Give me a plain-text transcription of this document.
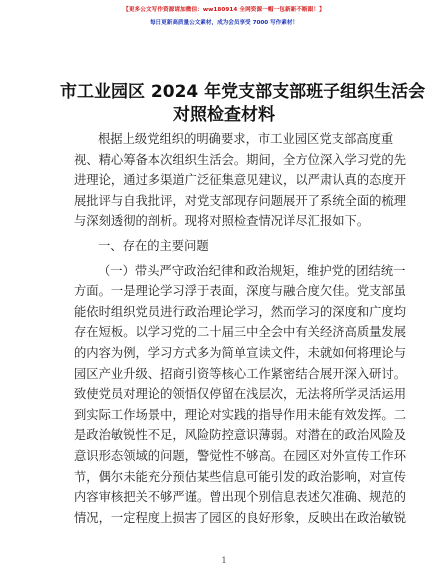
【更多公文写作资源请加微信：ww180914 全网资源一帽一包新新不断跟！】
每日更新高质量公文素材，成为会员享受 7000 写作素材！
市工业园区 2024 年党支部支部班子组织生活会
对照检查材料
根据上级党组织的明确要求，市工业园区党支部高度重
视、精心筹备本次组织生活会。期间，全方位深入学习党的先
进理论，通过多渠道广泛征集意见建议，以严肃认真的态度开
展批评与自我批评，对党支部现存问题展开了系统全面的梳理
与深刻透彻的剖析。现将对照检查情况详尽汇报如下。
一、存在的主要问题
（一）带头严守政治纪律和政治规矩，维护党的团结统一
方面。一是理论学习浮于表面，深度与融合度欠佳。党支部虽
能依时组织党员进行政治理论学习，然而学习的深度和广度均
存在短板。以学习党的二十届三中全会中有关经济高质量发展
的内容为例，学习方式多为简单宣读文件，未就如何将理论与
园区产业升级、招商引资等核心工作紧密结合展开深入研讨。
致使党员对理论的领悟仅停留在浅层次，无法将所学灵活运用
到实际工作场景中，理论对实践的指导作用未能有效发挥。二
是政治敏锐性不足，风险防控意识薄弱。对潜在的政治风险及
意识形态领域的问题，警觉性不够高。在园区对外宣传工作环
节，偶尔未能充分预估某些信息可能引发的政治影响，对宣传
内容审核把关不够严谨。曾出现个别信息表述欠准确、规范的
情况，一定程度上损害了园区的良好形象，反映出在政治敏锐
1
